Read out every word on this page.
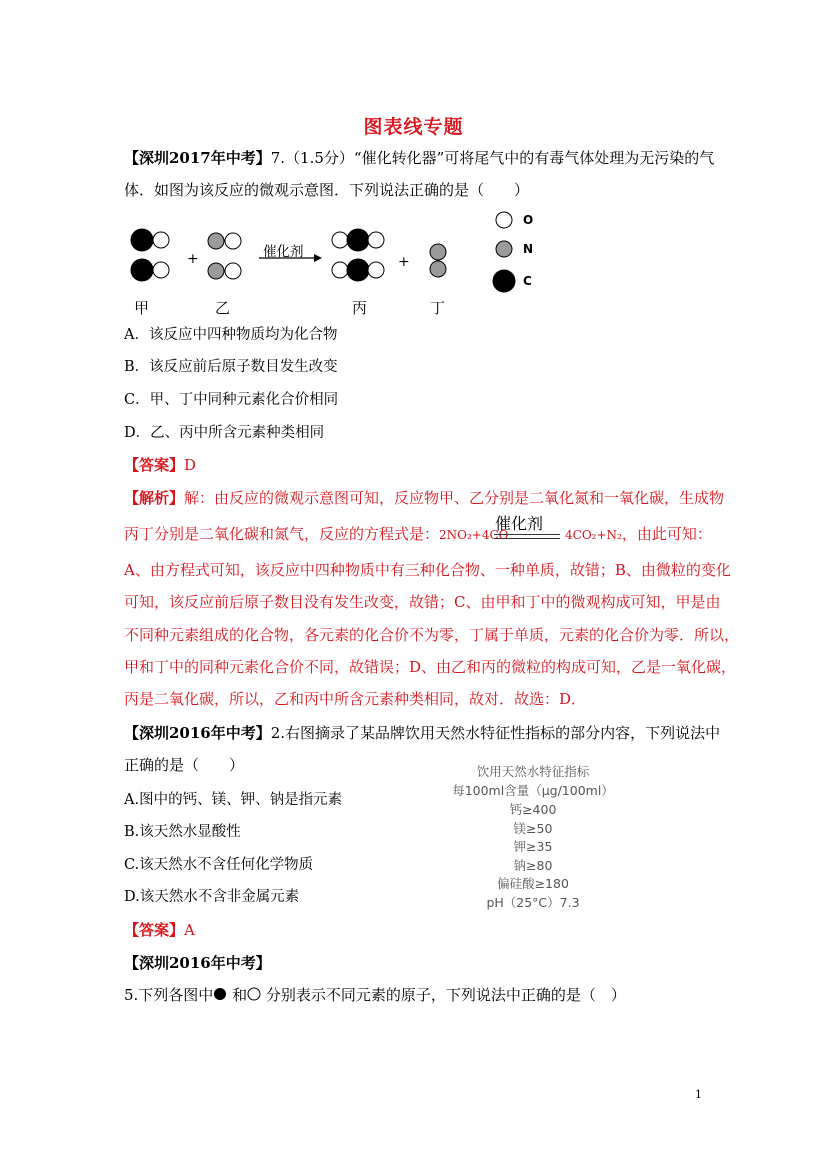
图表线专题
【深圳2017年中考】7.（1.5分）“催化转化器”可将尾气中的有毒气体处理为无污染的气
体．如图为该反应的微观示意图．下列说法正确的是（　　）
+	+
催化剂
O
N
C
甲	乙	丙	丁
A．该反应中四种物质均为化合物
B．该反应前后原子数目发生改变
C．甲、丁中同种元素化合价相同
D．乙、丙中所含元素种类相同
【答案】D
【解析】解：由反应的微观示意图可知，反应物甲、乙分别是二氧化氮和一氧化碳，生成物
丙丁分别是二氧化碳和氮气，反应的方程式是：2NO₂+4CO
催化剂
4CO₂+N₂，由此可知：
A、由方程式可知，该反应中四种物质中有三种化合物、一种单质，故错；B、由微粒的变化
可知，该反应前后原子数目没有发生改变，故错；C、由甲和丁中的微观构成可知，甲是由
不同种元素组成的化合物，各元素的化合价不为零，丁属于单质，元素的化合价为零．所以，
甲和丁中的同种元素化合价不同，故错误；D、由乙和丙的微粒的构成可知，乙是一氧化碳，
丙是二氧化碳，所以，乙和丙中所含元素种类相同，故对．故选：D．
【深圳2016年中考】2.右图摘录了某品牌饮用天然水特征性指标的部分内容，下列说法中
正确的是（　　）
A.图中的钙、镁、钾、钠是指元素
B.该天然水显酸性
C.该天然水不含任何化学物质
D.该天然水不含非金属元素
饮用天然水特征指标
每100ml含量（μg/100ml）
钙≥400
镁≥50
钾≥35
钠≥80
偏硅酸≥180
pH（25°C）7.3
【答案】A
【深圳2016年中考】
5.下列各图中 和 分别表示不同元素的原子，下列说法中正确的是（　）
1
